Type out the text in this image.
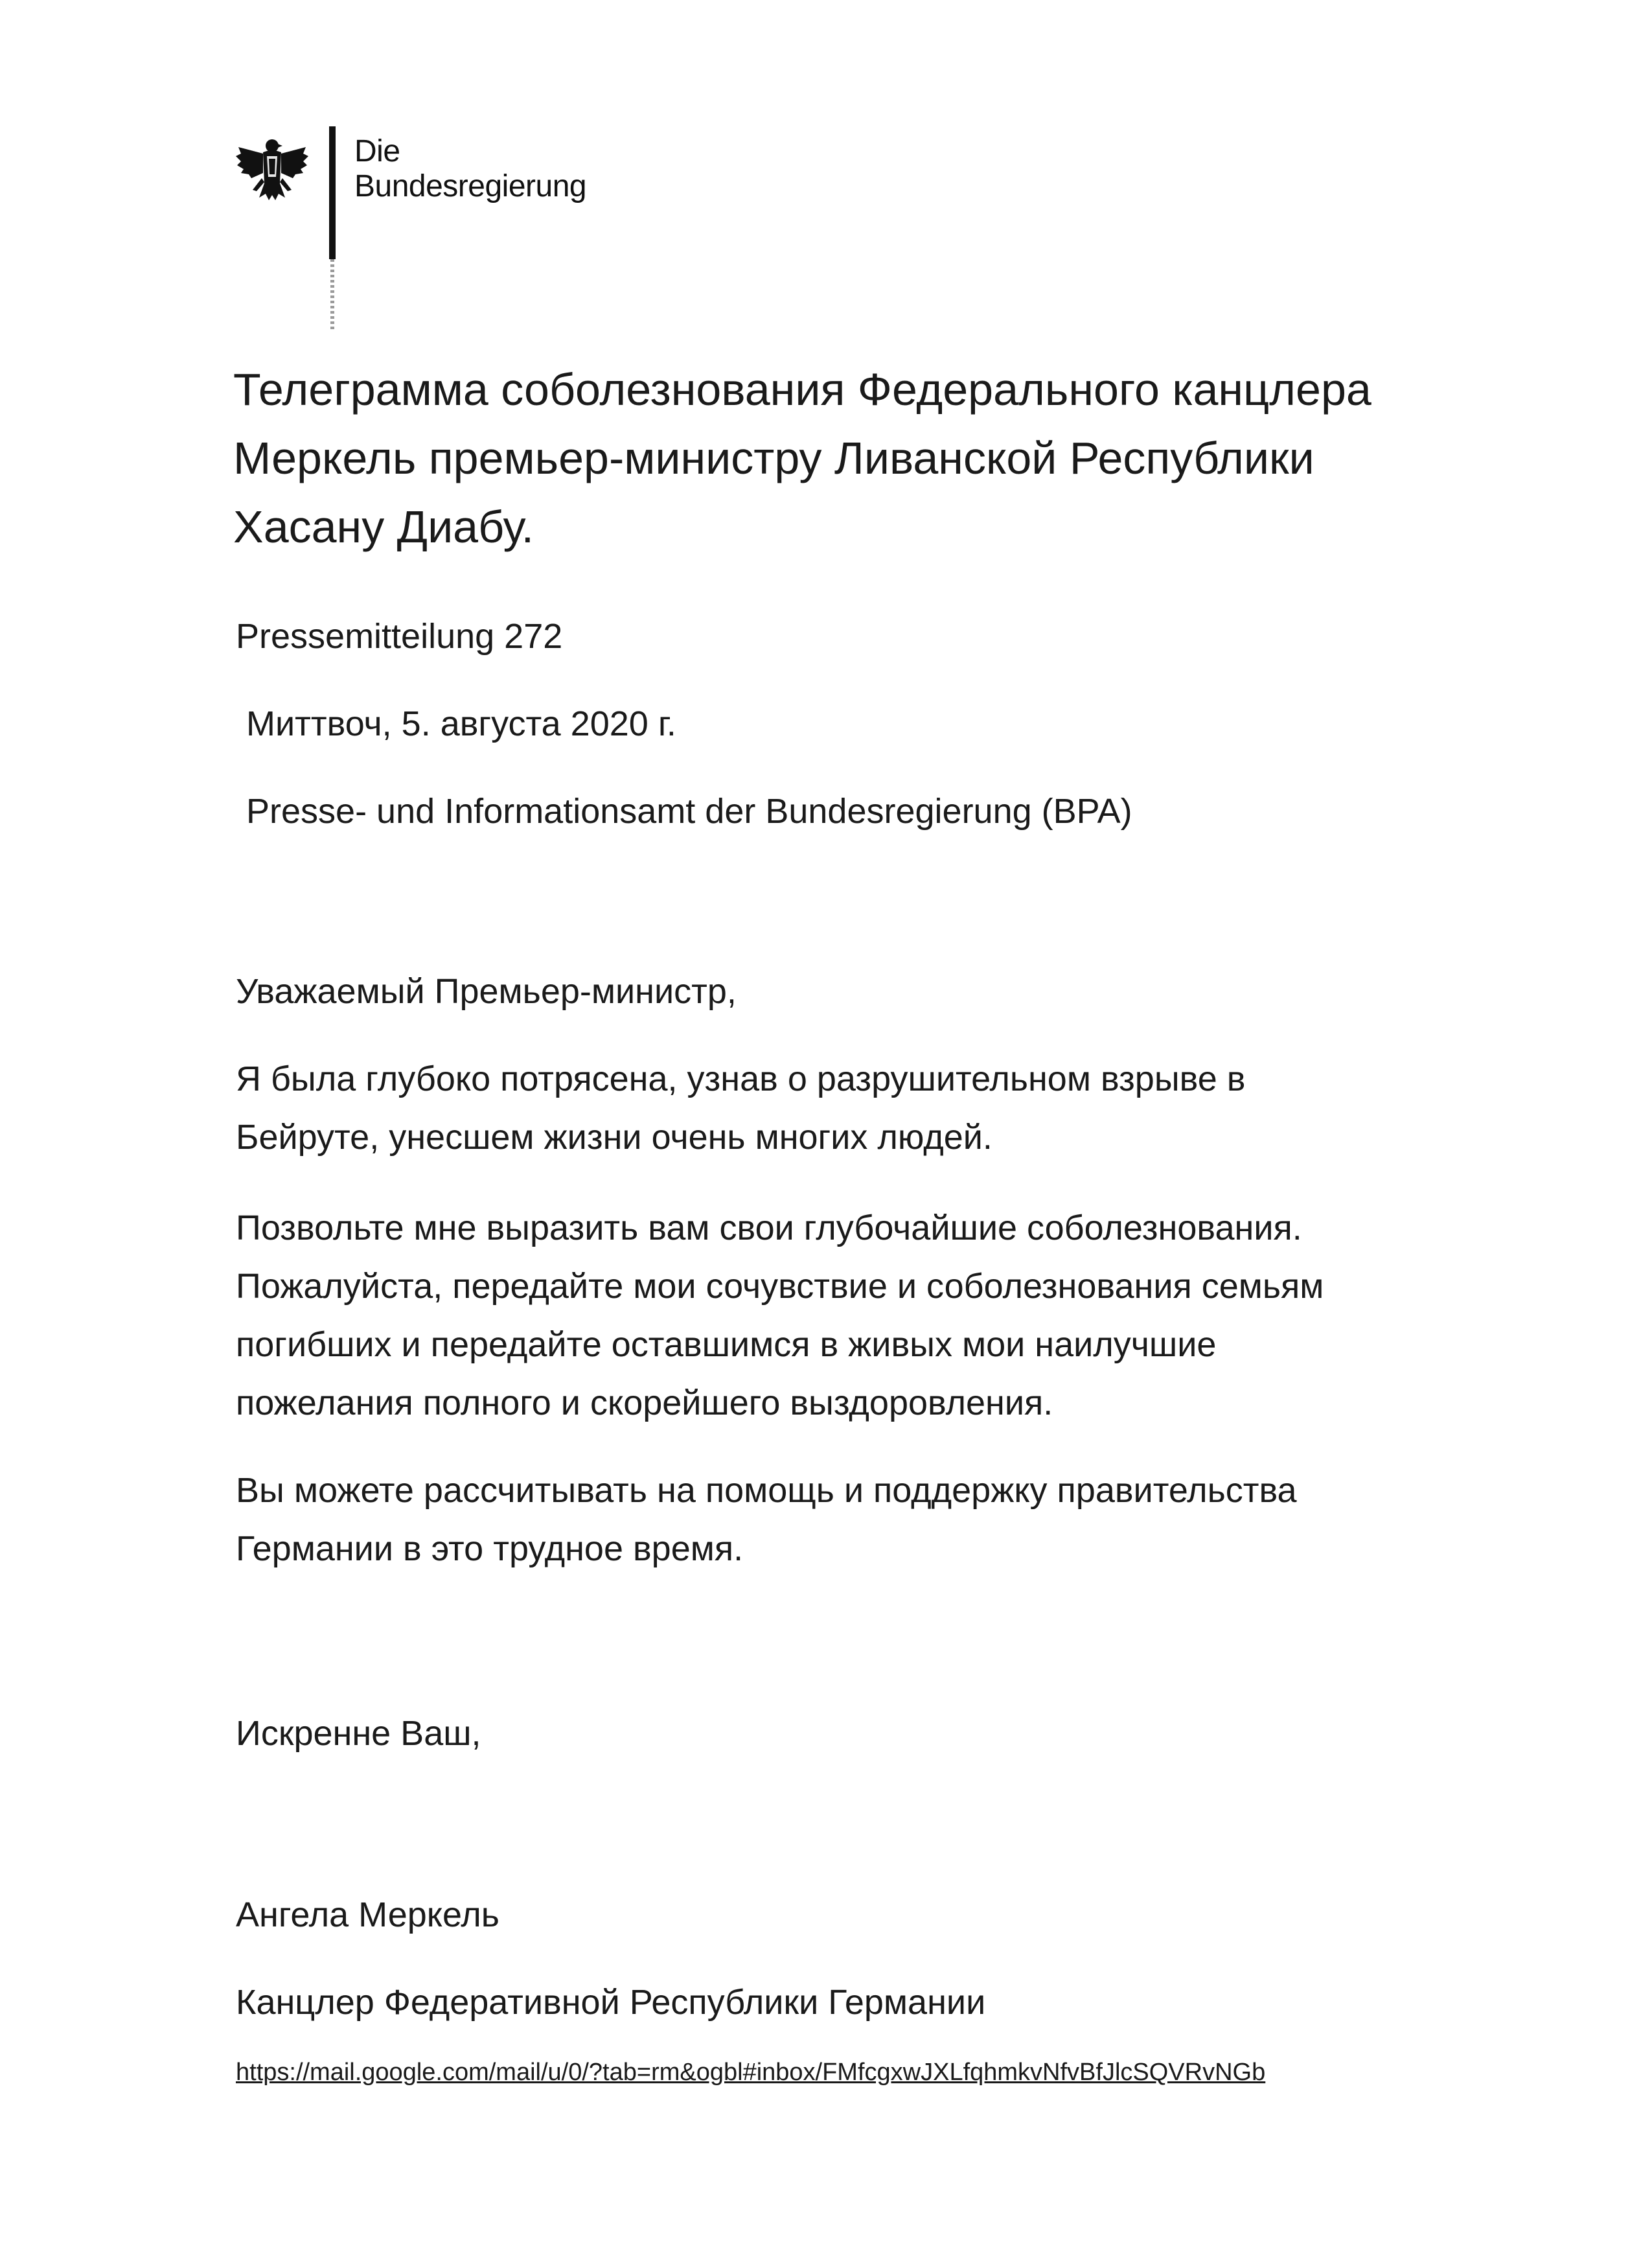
Die
Bundesregierung
Телеграмма соболезнования Федерального канцлера
Меркель премьер-министру Ливанской Республики
Хасану Диабу.
Pressemitteilung 272
Миттвоч, 5. августа 2020 г.
Presse- und Informationsamt der Bundesregierung (BPA)
Уважаемый Премьер-министр,
Я была глубоко потрясена, узнав о разрушительном взрыве в
Бейруте, унесшем жизни очень многих людей.
Позвольте мне выразить вам свои глубочайшие соболезнования.
Пожалуйста, передайте мои сочувствие и соболезнования семьям
погибших и передайте оставшимся в живых мои наилучшие
пожелания полного и скорейшего выздоровления.
Вы можете рассчитывать на помощь и поддержку правительства
Германии в это трудное время.
Искренне Ваш,
Ангела Меркель
Канцлер Федеративной Республики Германии
https://mail.google.com/mail/u/0/?tab=rm&ogbl#inbox/FMfcgxwJXLfqhmkvNfvBfJlcSQVRvNGb
